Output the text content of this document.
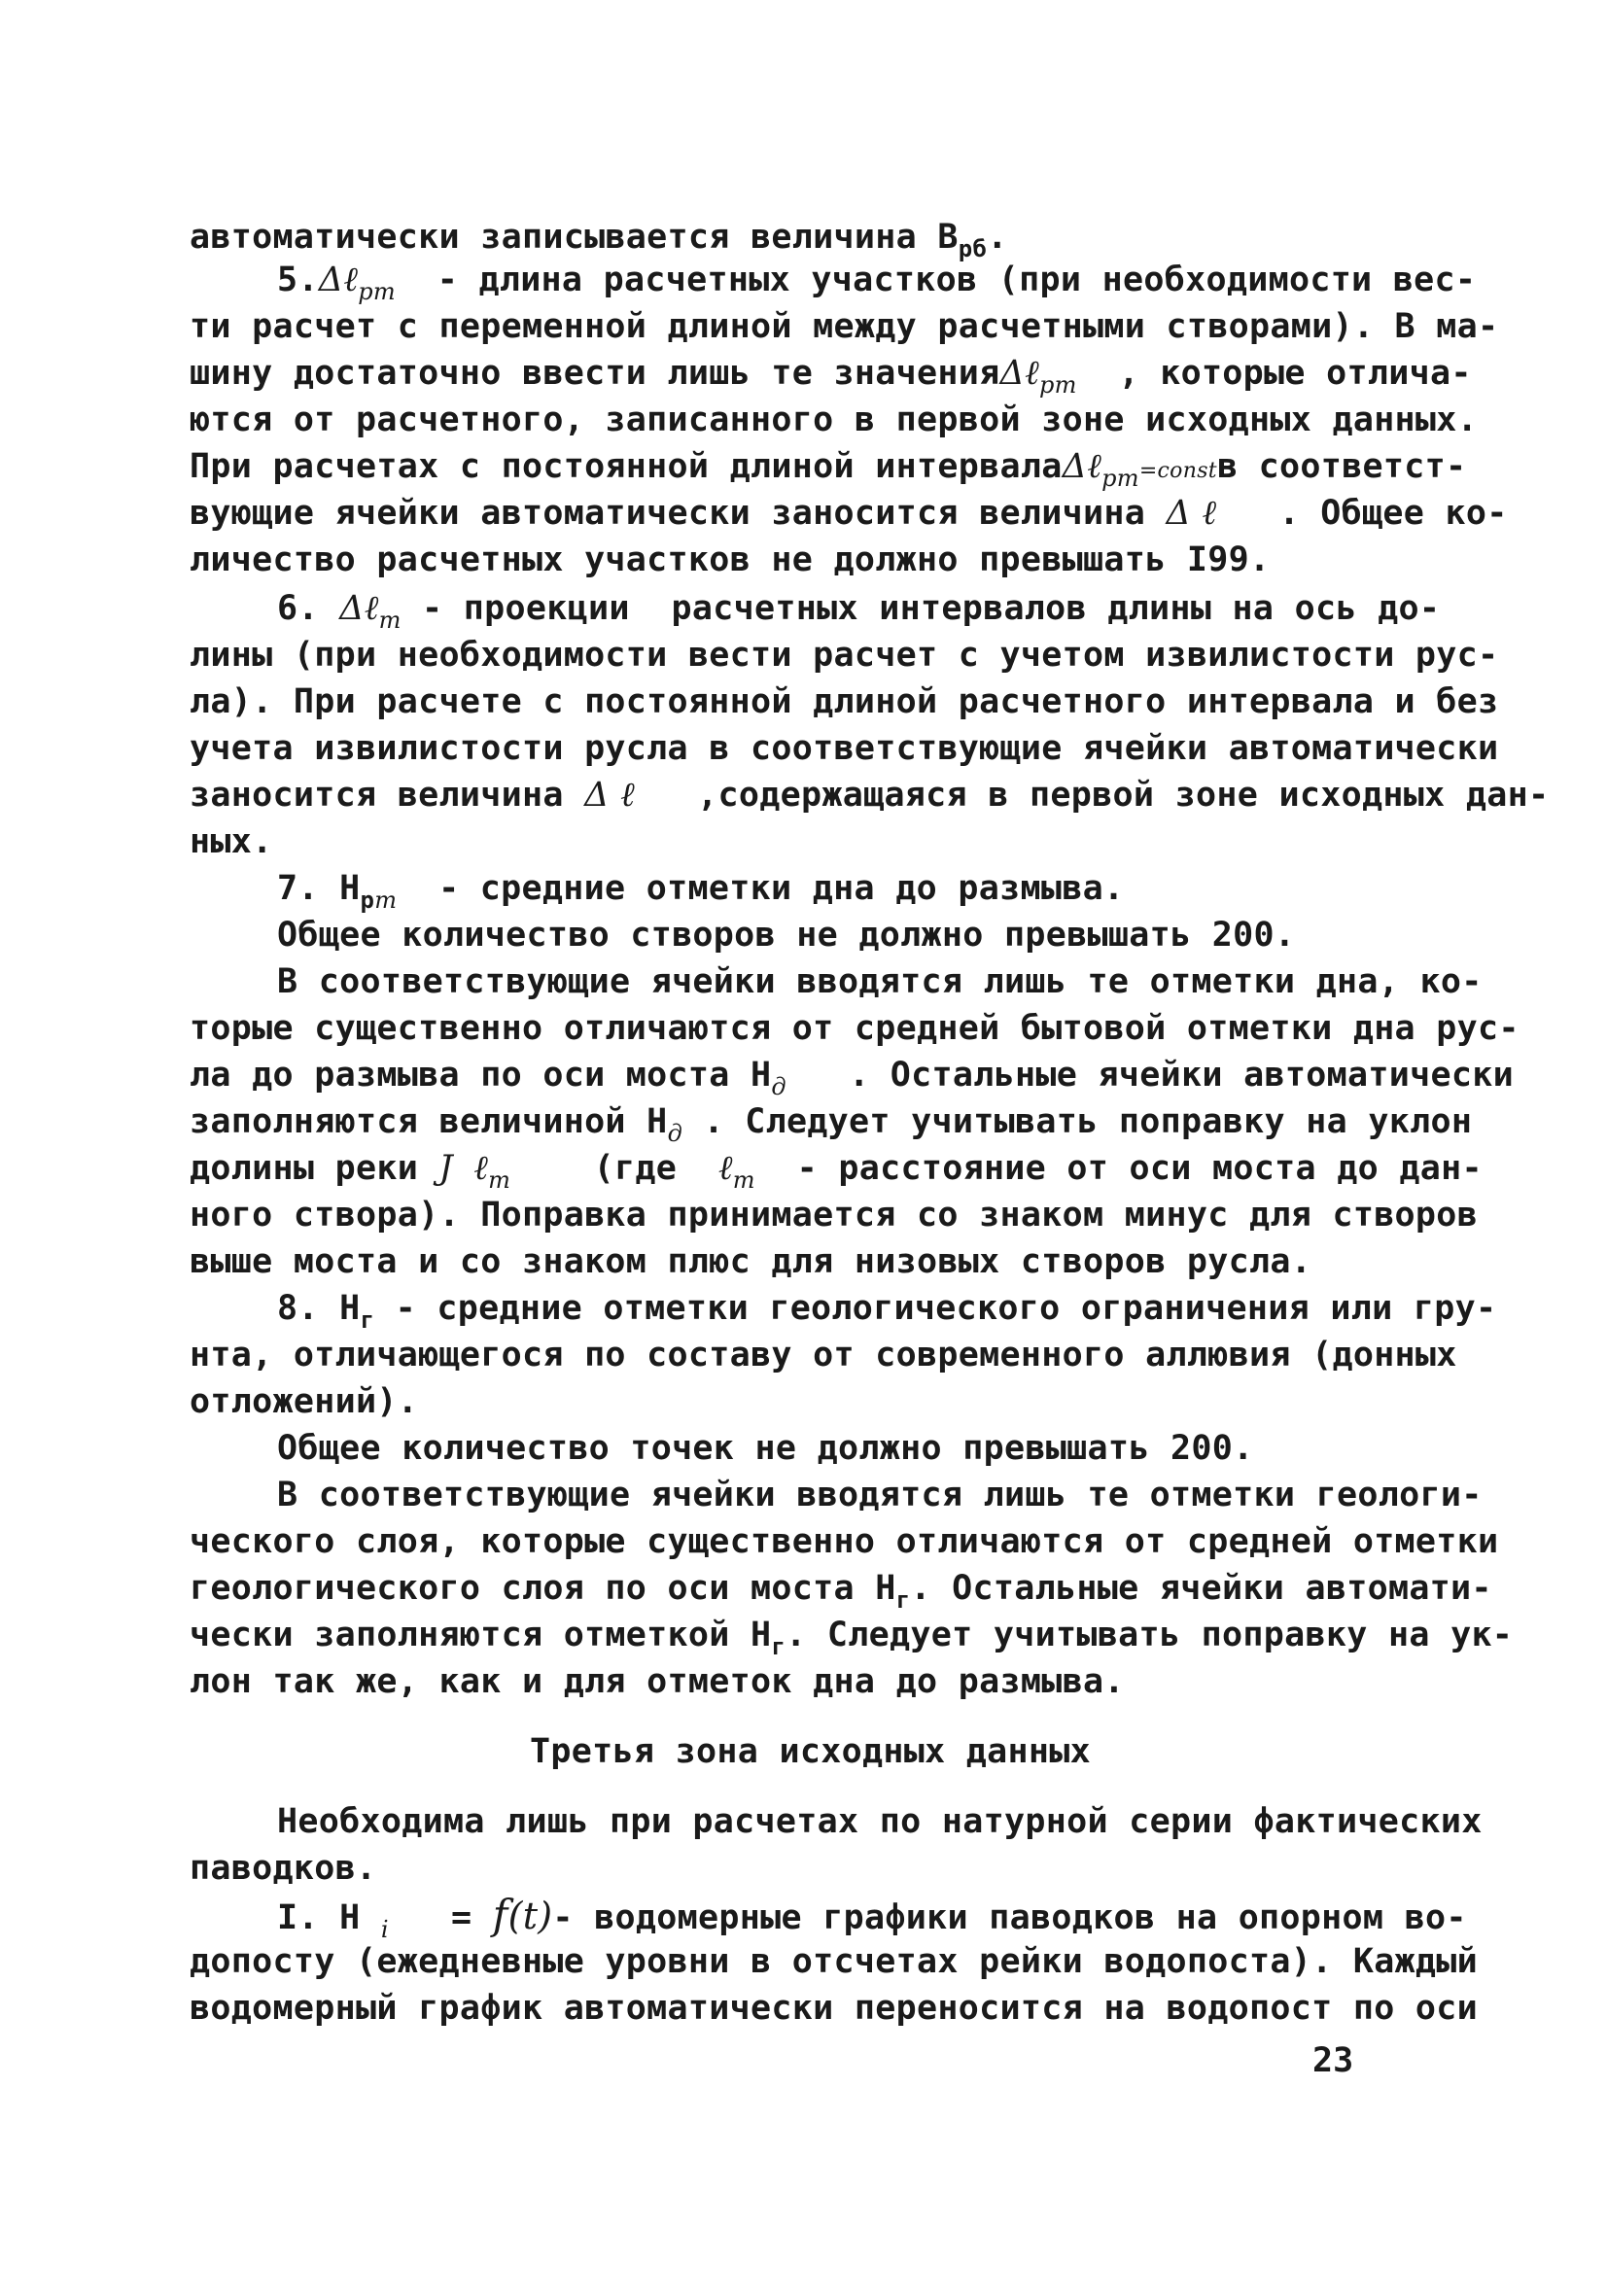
автоматически записывается величина $В_{рб}$.
5.Δℓ$_{pm}$ - длина расчетных участков (при необходимости вес-
ти расчет с переменной длиной между расчетными створами). В ма-
шину достаточно ввести лишь те значенияΔℓ$_{pm}$ , которые отлича-
ются от расчетного, записанного в первой зоне исходных данных.
При расчетах с постоянной длиной интервалаΔℓ$_{pm}$=constв соответст-
вующие ячейки автоматически заносится величина Δ ℓ . Общее ко-
личество расчетных участков не должно превышать I99.
6. Δℓ$_m$ - проекции  расчетных интервалов длины на ось до-
лины (при необходимости вести расчет с учетом извилистости рус-
ла). При расчете с постоянной длиной расчетного интервала и без
учета извилистости русла в соответствующие ячейки автоматически
заносится величина Δ ℓ ,содержащаяся в первой зоне исходных дан-
ных.
7. $Н_{pm}$ - средние отметки дна до размыва.
Общее количество створов не должно превышать 200.
В соответствующие ячейки вводятся лишь те отметки дна, ко-
торые существенно отличаются от средней бытовой отметки дна рус-
ла до размыва по оси моста $Н_д$ . Остальные ячейки автоматически
заполняются величиной $Н_д$ . Следует учитывать поправку на уклон
долины реки J ℓ$_m$ (где ℓ$_m$ - расстояние от оси моста до дан-
ного створа). Поправка принимается со знаком минус для створов
выше моста и со знаком плюс для низовых створов русла.
8. $Н_г$ - средние отметки геологического ограничения или гру-
нта, отличающегося по составу от современного аллювия (донных
отложений).
Общее количество точек не должно превышать 200.
В соответствующие ячейки вводятся лишь те отметки геологи-
ческого слоя, которые существенно отличаются от средней отметки
геологического слоя по оси моста $Н_г$. Остальные ячейки автомати-
чески заполняются отметкой $Н_г$. Следует учитывать поправку на ук-
лон так же, как и для отметок дна до размыва.
Третья зона исходных данных
Необходима лишь при расчетах по натурной серии фактических
паводков.
I. Н $_i$ = f(t)- водомерные графики паводков на опорном во-
допосту (ежедневные уровни в отсчетах рейки водопоста). Каждый
водомерный график автоматически переносится на водопост по оси
23
